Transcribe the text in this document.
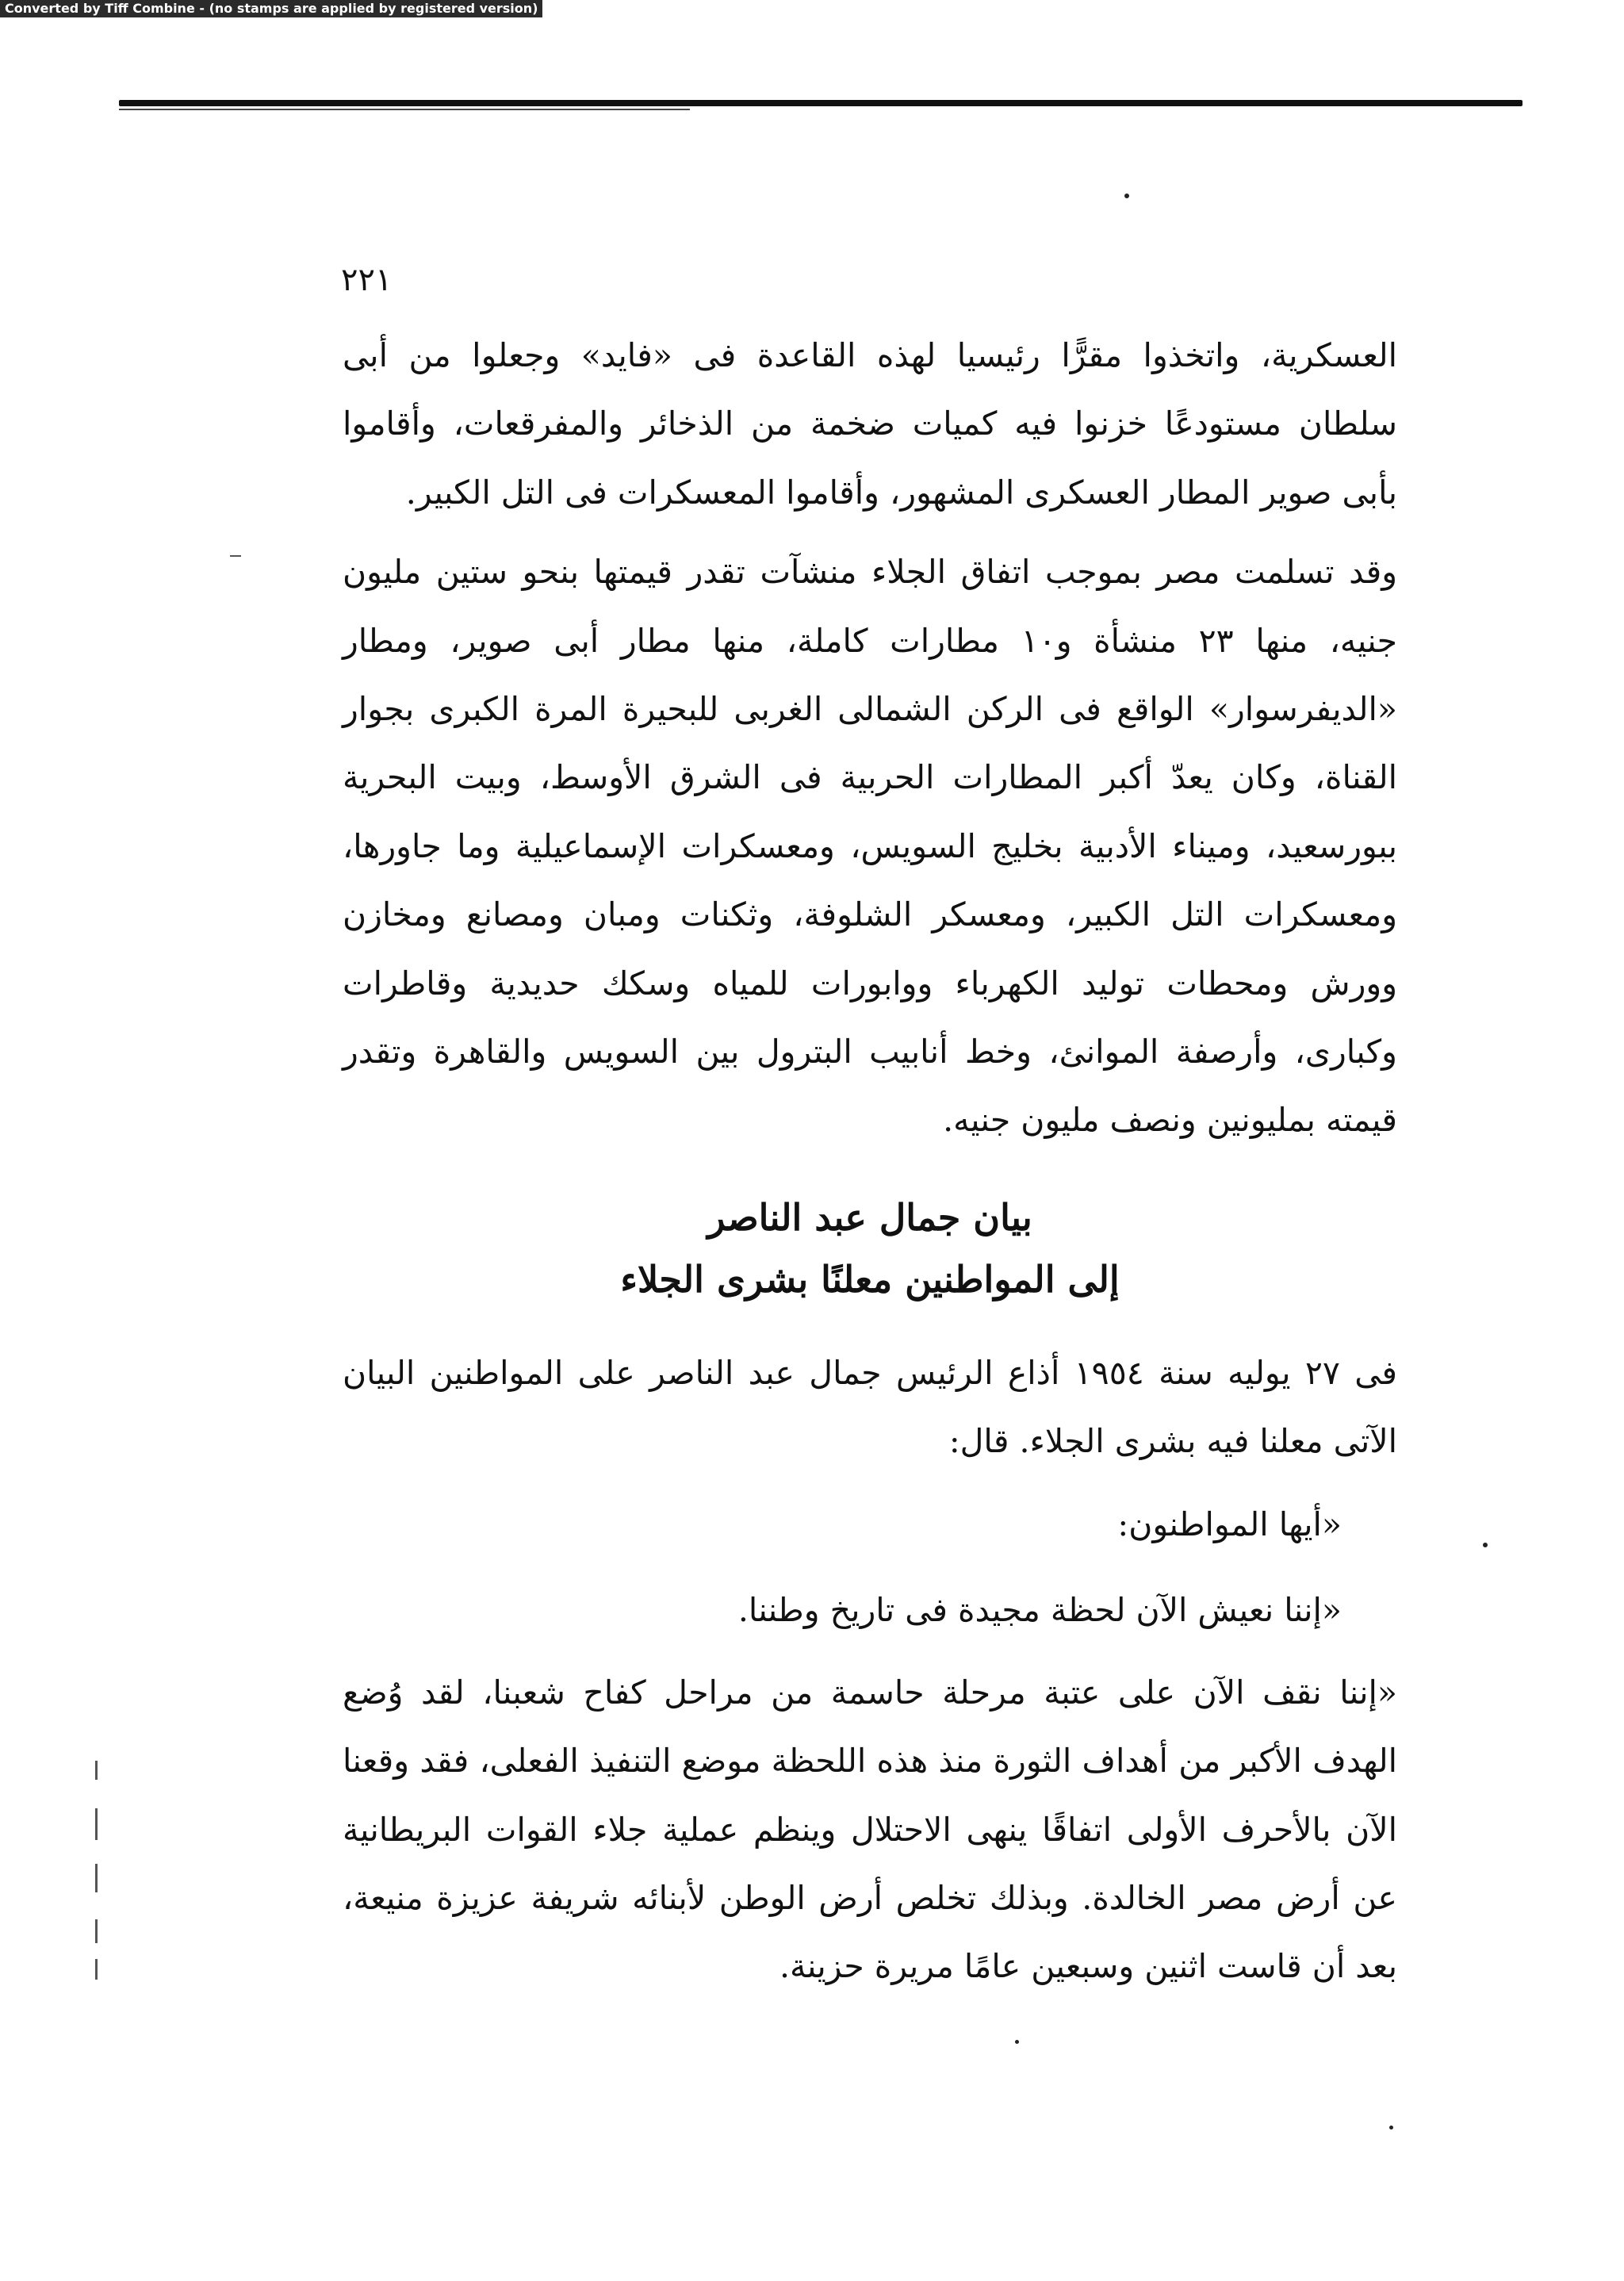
Converted by Tiff Combine - (no stamps are applied by registered version)
٢٢١

العسكرية، واتخذوا مقرًّا رئيسيا لهذه القاعدة فى «فايد» وجعلوا من أبى سلطان مستودعًا خزنوا فيه كميات ضخمة من الذخائر والمفرقعات، وأقاموا بأبى صوير المطار العسكرى المشهور، وأقاموا المعسكرات فى التل الكبير.

وقد تسلمت مصر بموجب اتفاق الجلاء منشآت تقدر قيمتها بنحو ستين مليون جنيه، منها ٢٣ منشأة و١٠ مطارات كاملة، منها مطار أبى صوير، ومطار «الديفرسوار» الواقع فى الركن الشمالى الغربى للبحيرة المرة الكبرى بجوار القناة، وكان يعدّ أكبر المطارات الحربية فى الشرق الأوسط، وبيت البحرية ببورسعيد، وميناء الأدبية بخليج السويس، ومعسكرات الإسماعيلية وما جاورها، ومعسكرات التل الكبير، ومعسكر الشلوفة، وثكنات ومبان ومصانع ومخازن وورش ومحطات توليد الكهرباء ووابورات للمياه وسكك حديدية وقاطرات وكبارى، وأرصفة الموانئ، وخط أنابيب البترول بين السويس والقاهرة وتقدر قيمته بمليونين ونصف مليون جنيه.

بيان جمال عبد الناصر
إلى المواطنين معلنًا بشرى الجلاء

فى ٢٧ يوليه سنة ١٩٥٤ أذاع الرئيس جمال عبد الناصر على المواطنين البيان الآتى معلنا فيه بشرى الجلاء. قال:

«أيها المواطنون:

«إننا نعيش الآن لحظة مجيدة فى تاريخ وطننا.

«إننا نقف الآن على عتبة مرحلة حاسمة من مراحل كفاح شعبنا، لقد وُضع الهدف الأكبر من أهداف الثورة منذ هذه اللحظة موضع التنفيذ الفعلى، فقد وقعنا الآن بالأحرف الأولى اتفاقًا ينهى الاحتلال وينظم عملية جلاء القوات البريطانية عن أرض مصر الخالدة. وبذلك تخلص أرض الوطن لأبنائه شريفة عزيزة منيعة، بعد أن قاست اثنين وسبعين عامًا مريرة حزينة.
